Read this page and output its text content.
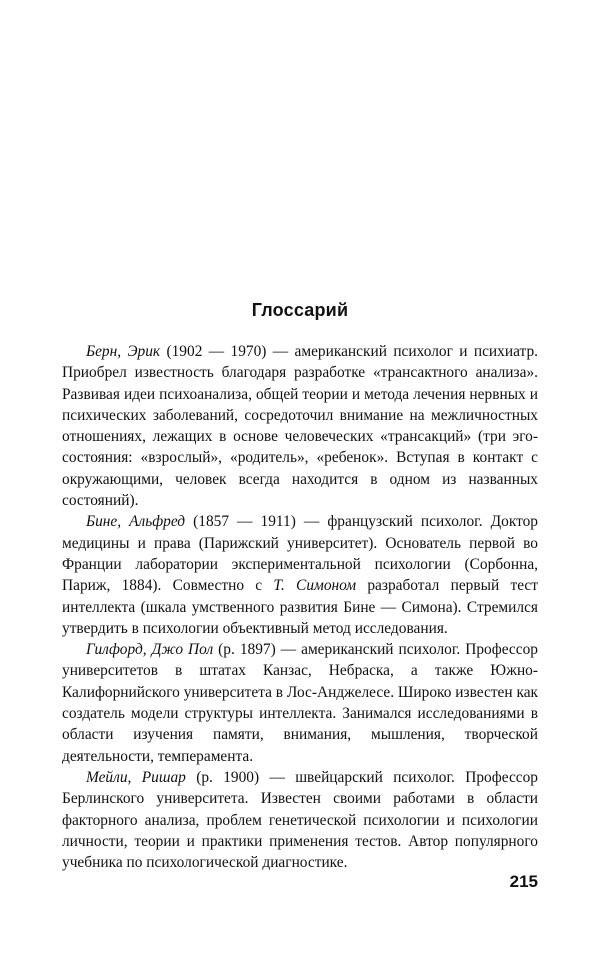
Глоссарий

Берн, Эрик (1902 — 1970) — американский психолог и психиатр. Приобрел известность благодаря разработке «трансактного анализа». Развивая идеи психоанализа, общей теории и метода лечения нервных и психических заболеваний, сосредоточил внимание на межличностных отношениях, лежащих в основе человеческих «трансакций» (три эго-состояния: «взрослый», «родитель», «ребенок». Вступая в контакт с окружающими, человек всегда находится в одном из названных состояний).

Бине, Альфред (1857 — 1911) — французский психолог. Доктор медицины и права (Парижский университет). Основатель первой во Франции лаборатории экспериментальной психологии (Сорбонна, Париж, 1884). Совместно с Т. Симоном разработал первый тест интеллекта (шкала умственного развития Бине — Симона). Стремился утвердить в психологии объективный метод исследования.

Гилфорд, Джо Пол (р. 1897) — американский психолог. Профессор университетов в штатах Канзас, Небраска, а также Южно-Калифорнийского университета в Лос-Анджелесе. Широко известен как создатель модели структуры интеллекта. Занимался исследованиями в области изучения памяти, внимания, мышления, творческой деятельности, темперамента.

Мейли, Ришар (р. 1900) — швейцарский психолог. Профессор Берлинского университета. Известен своими работами в области факторного анализа, проблем генетической психологии и психологии личности, теории и практики применения тестов. Автор популярного учебника по психологической диагностике.

215
